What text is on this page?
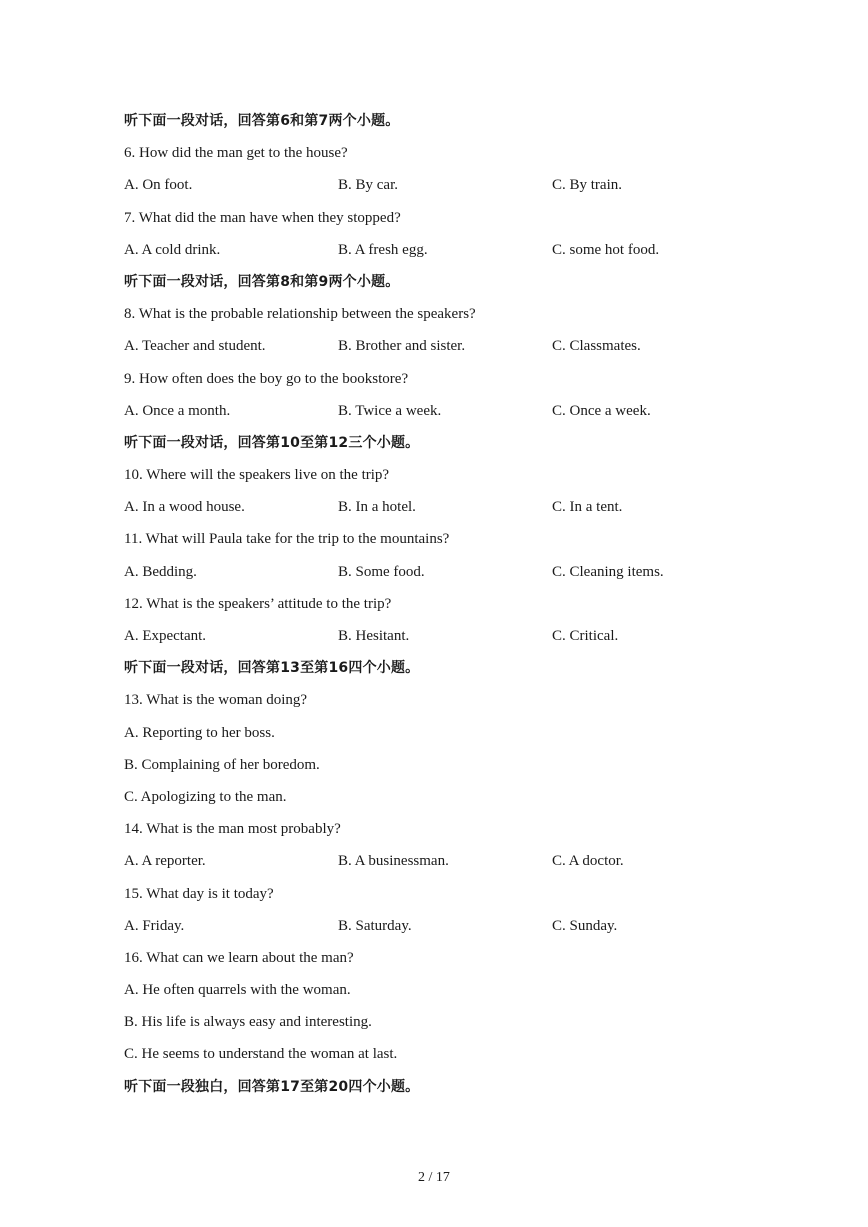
听下面一段对话，回答第6和第7两个小题。
6. How did the man get to the house?
A. On foot.	B. By car.	C. By train.
7. What did the man have when they stopped?
A. A cold drink.	B. A fresh egg.	C. some hot food.
听下面一段对话，回答第8和第9两个小题。
8. What is the probable relationship between the speakers?
A. Teacher and student.	B. Brother and sister.	C. Classmates.
9. How often does the boy go to the bookstore?
A. Once a month.	B. Twice a week.	C. Once a week.
听下面一段对话，回答第10至第12三个小题。
10. Where will the speakers live on the trip?
A. In a wood house.	B. In a hotel.	C. In a tent.
11. What will Paula take for the trip to the mountains?
A. Bedding.	B. Some food.	C. Cleaning items.
12. What is the speakers’ attitude to the trip?
A. Expectant.	B. Hesitant.	C. Critical.
听下面一段对话，回答第13至第16四个小题。
13. What is the woman doing?
A. Reporting to her boss.
B. Complaining of her boredom.
C. Apologizing to the man.
14. What is the man most probably?
A. A reporter.	B. A businessman.	C. A doctor.
15. What day is it today?
A. Friday.	B. Saturday.	C. Sunday.
16. What can we learn about the man?
A. He often quarrels with the woman.
B. His life is always easy and interesting.
C. He seems to understand the woman at last.
听下面一段独白，回答第17至第20四个小题。
2 / 17
